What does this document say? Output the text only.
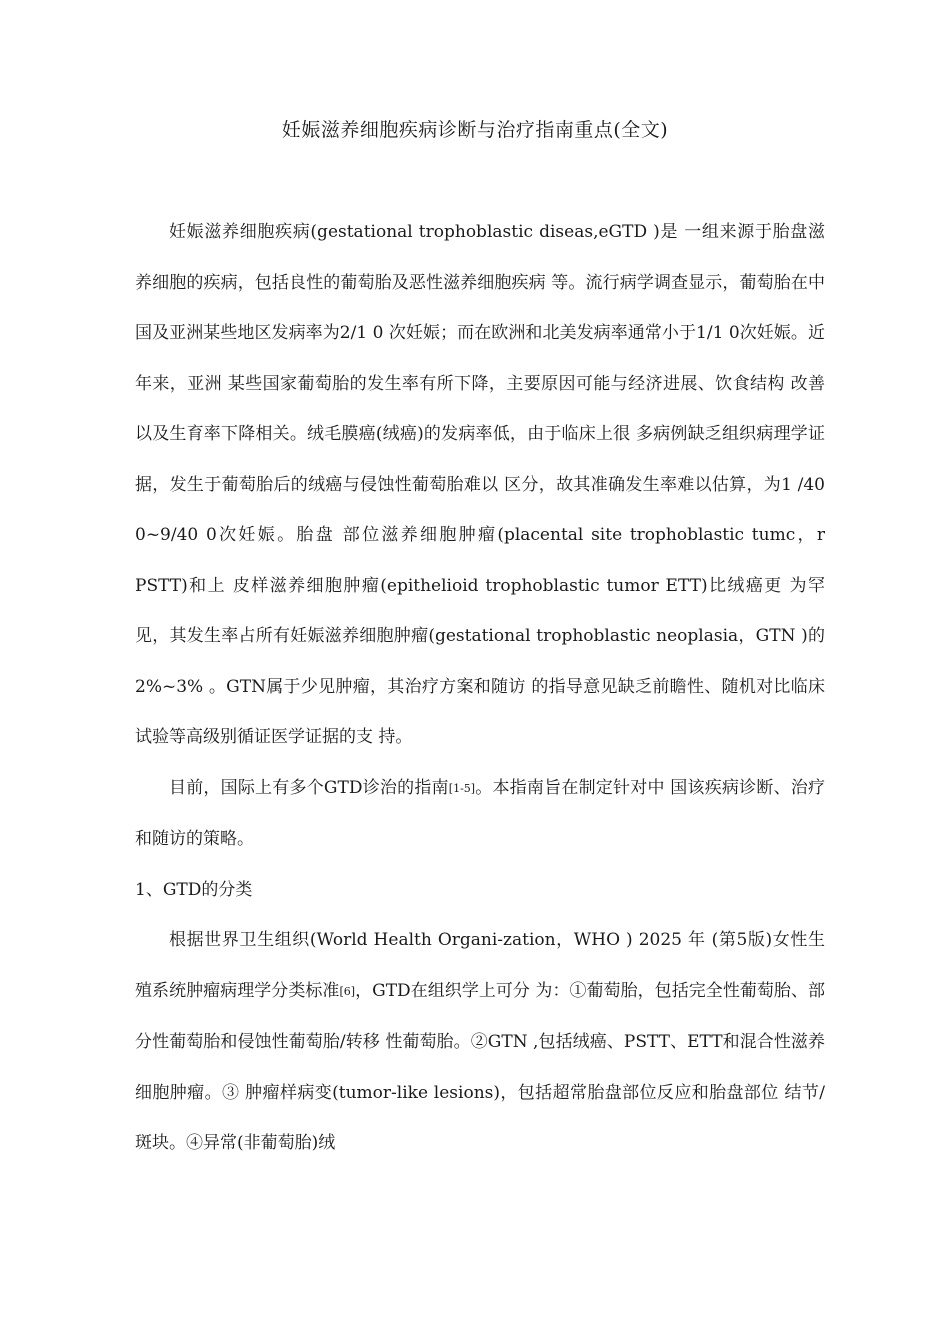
妊娠滋养细胞疾病诊断与治疗指南重点(全文)

妊娠滋养细胞疾病(gestational trophoblastic diseas,eGTD )是 一组来源于胎盘滋养细胞的疾病，包括良性的葡萄胎及恶性滋养细胞疾病 等。流行病学调查显示，葡萄胎在中国及亚洲某些地区发病率为2/1 0 次妊娠；而在欧洲和北美发病率通常小于1/1 0次妊娠。近年来，亚洲 某些国家葡萄胎的发生率有所下降，主要原因可能与经济进展、饮食结构 改善以及生育率下降相关。绒毛膜癌(绒癌)的发病率低，由于临床上很 多病例缺乏组织病理学证据，发生于葡萄胎后的绒癌与侵蚀性葡萄胎难以 区分，故其准确发生率难以估算，为1 /40 0~9/40 0次妊娠。胎盘 部位滋养细胞肿瘤(placental site trophoblastic tumc，r PSTT)和上 皮样滋养细胞肿瘤(epithelioid trophoblastic tumor ETT)比绒癌更 为罕见，其发生率占所有妊娠滋养细胞肿瘤(gestational trophoblastic neoplasia，GTN )的2%~3% 。GTN属于少见肿瘤，其治疗方案和随访 的指导意见缺乏前瞻性、随机对比临床试验等高级别循证医学证据的支 持。

目前，国际上有多个GTD诊治的指南[1-5]。本指南旨在制定针对中 国该疾病诊断、治疗和随访的策略。

1、GTD的分类

根据世界卫生组织(World Health Organi-zation，WHO ) 2025 年 (第5版)女性生殖系统肿瘤病理学分类标准[6]，GTD在组织学上可分 为：①葡萄胎，包括完全性葡萄胎、部分性葡萄胎和侵蚀性葡萄胎/转移 性葡萄胎。②GTN ,包括绒癌、PSTT、ETT和混合性滋养细胞肿瘤。③ 肿瘤样病变(tumor-like lesions)，包括超常胎盘部位反应和胎盘部位 结节/斑块。④异常(非葡萄胎)绒
